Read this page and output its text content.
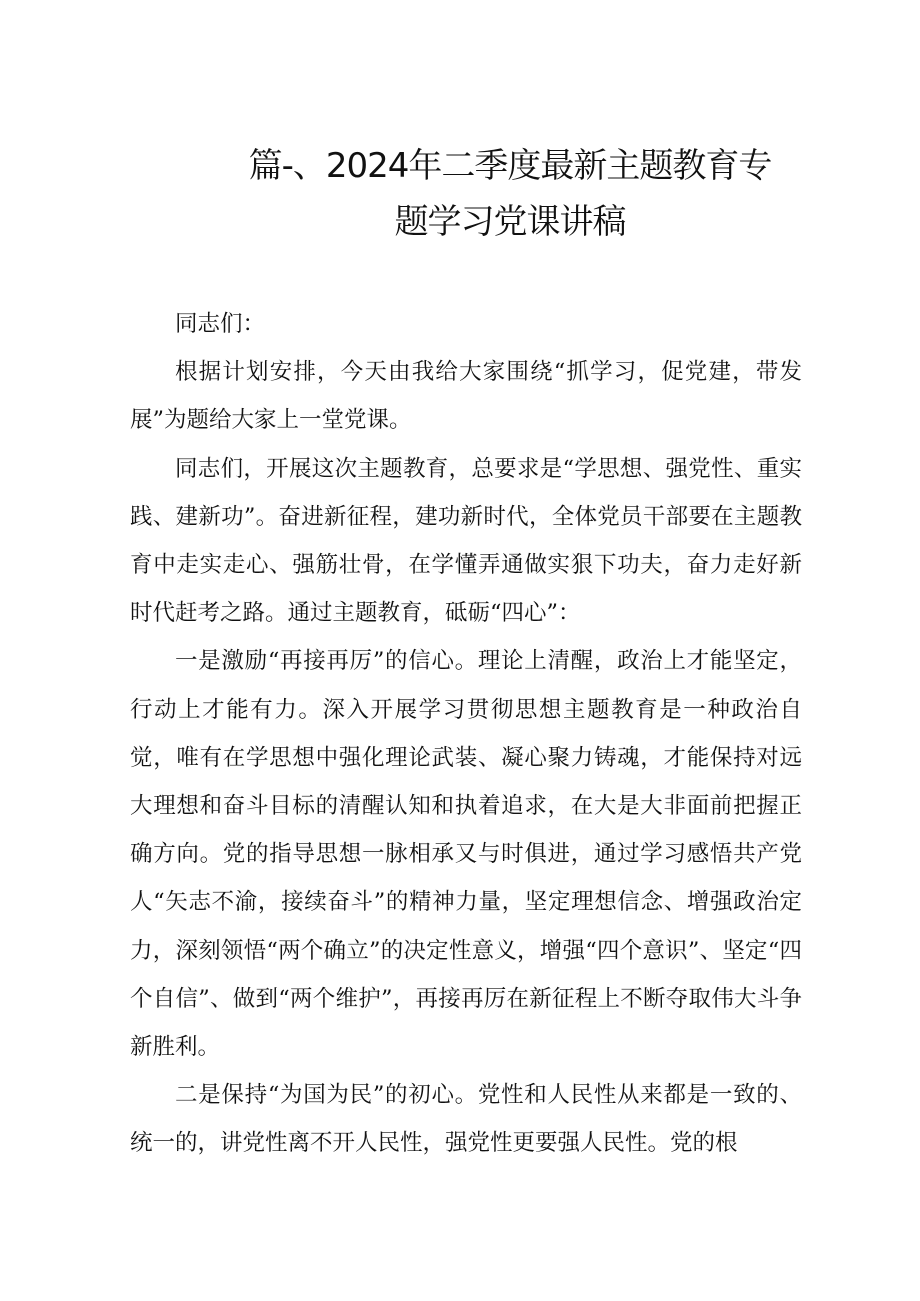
篇-、2024年二季度最新主题教育专
题学习党课讲稿

同志们：

根据计划安排，今天由我给大家围绕“抓学习，促党建，带发展”为题给大家上一堂党课。

同志们，开展这次主题教育，总要求是“学思想、强党性、重实践、建新功”。奋进新征程，建功新时代，全体党员干部要在主题教育中走实走心、强筋壮骨，在学懂弄通做实狠下功夫，奋力走好新时代赶考之路。通过主题教育，砥砺“四心”：

一是激励“再接再厉”的信心。理论上清醒，政治上才能坚定，行动上才能有力。深入开展学习贯彻思想主题教育是一种政治自觉，唯有在学思想中强化理论武装、凝心聚力铸魂，才能保持对远大理想和奋斗目标的清醒认知和执着追求，在大是大非面前把握正确方向。党的指导思想一脉相承又与时俱进，通过学习感悟共产党人“矢志不渝，接续奋斗”的精神力量，坚定理想信念、增强政治定力，深刻领悟“两个确立”的决定性意义，增强“四个意识”、坚定“四个自信”、做到“两个维护”，再接再厉在新征程上不断夺取伟大斗争新胜利。

二是保持“为国为民”的初心。党性和人民性从来都是一致的、统一的，讲党性离不开人民性，强党性更要强人民性。党的根
